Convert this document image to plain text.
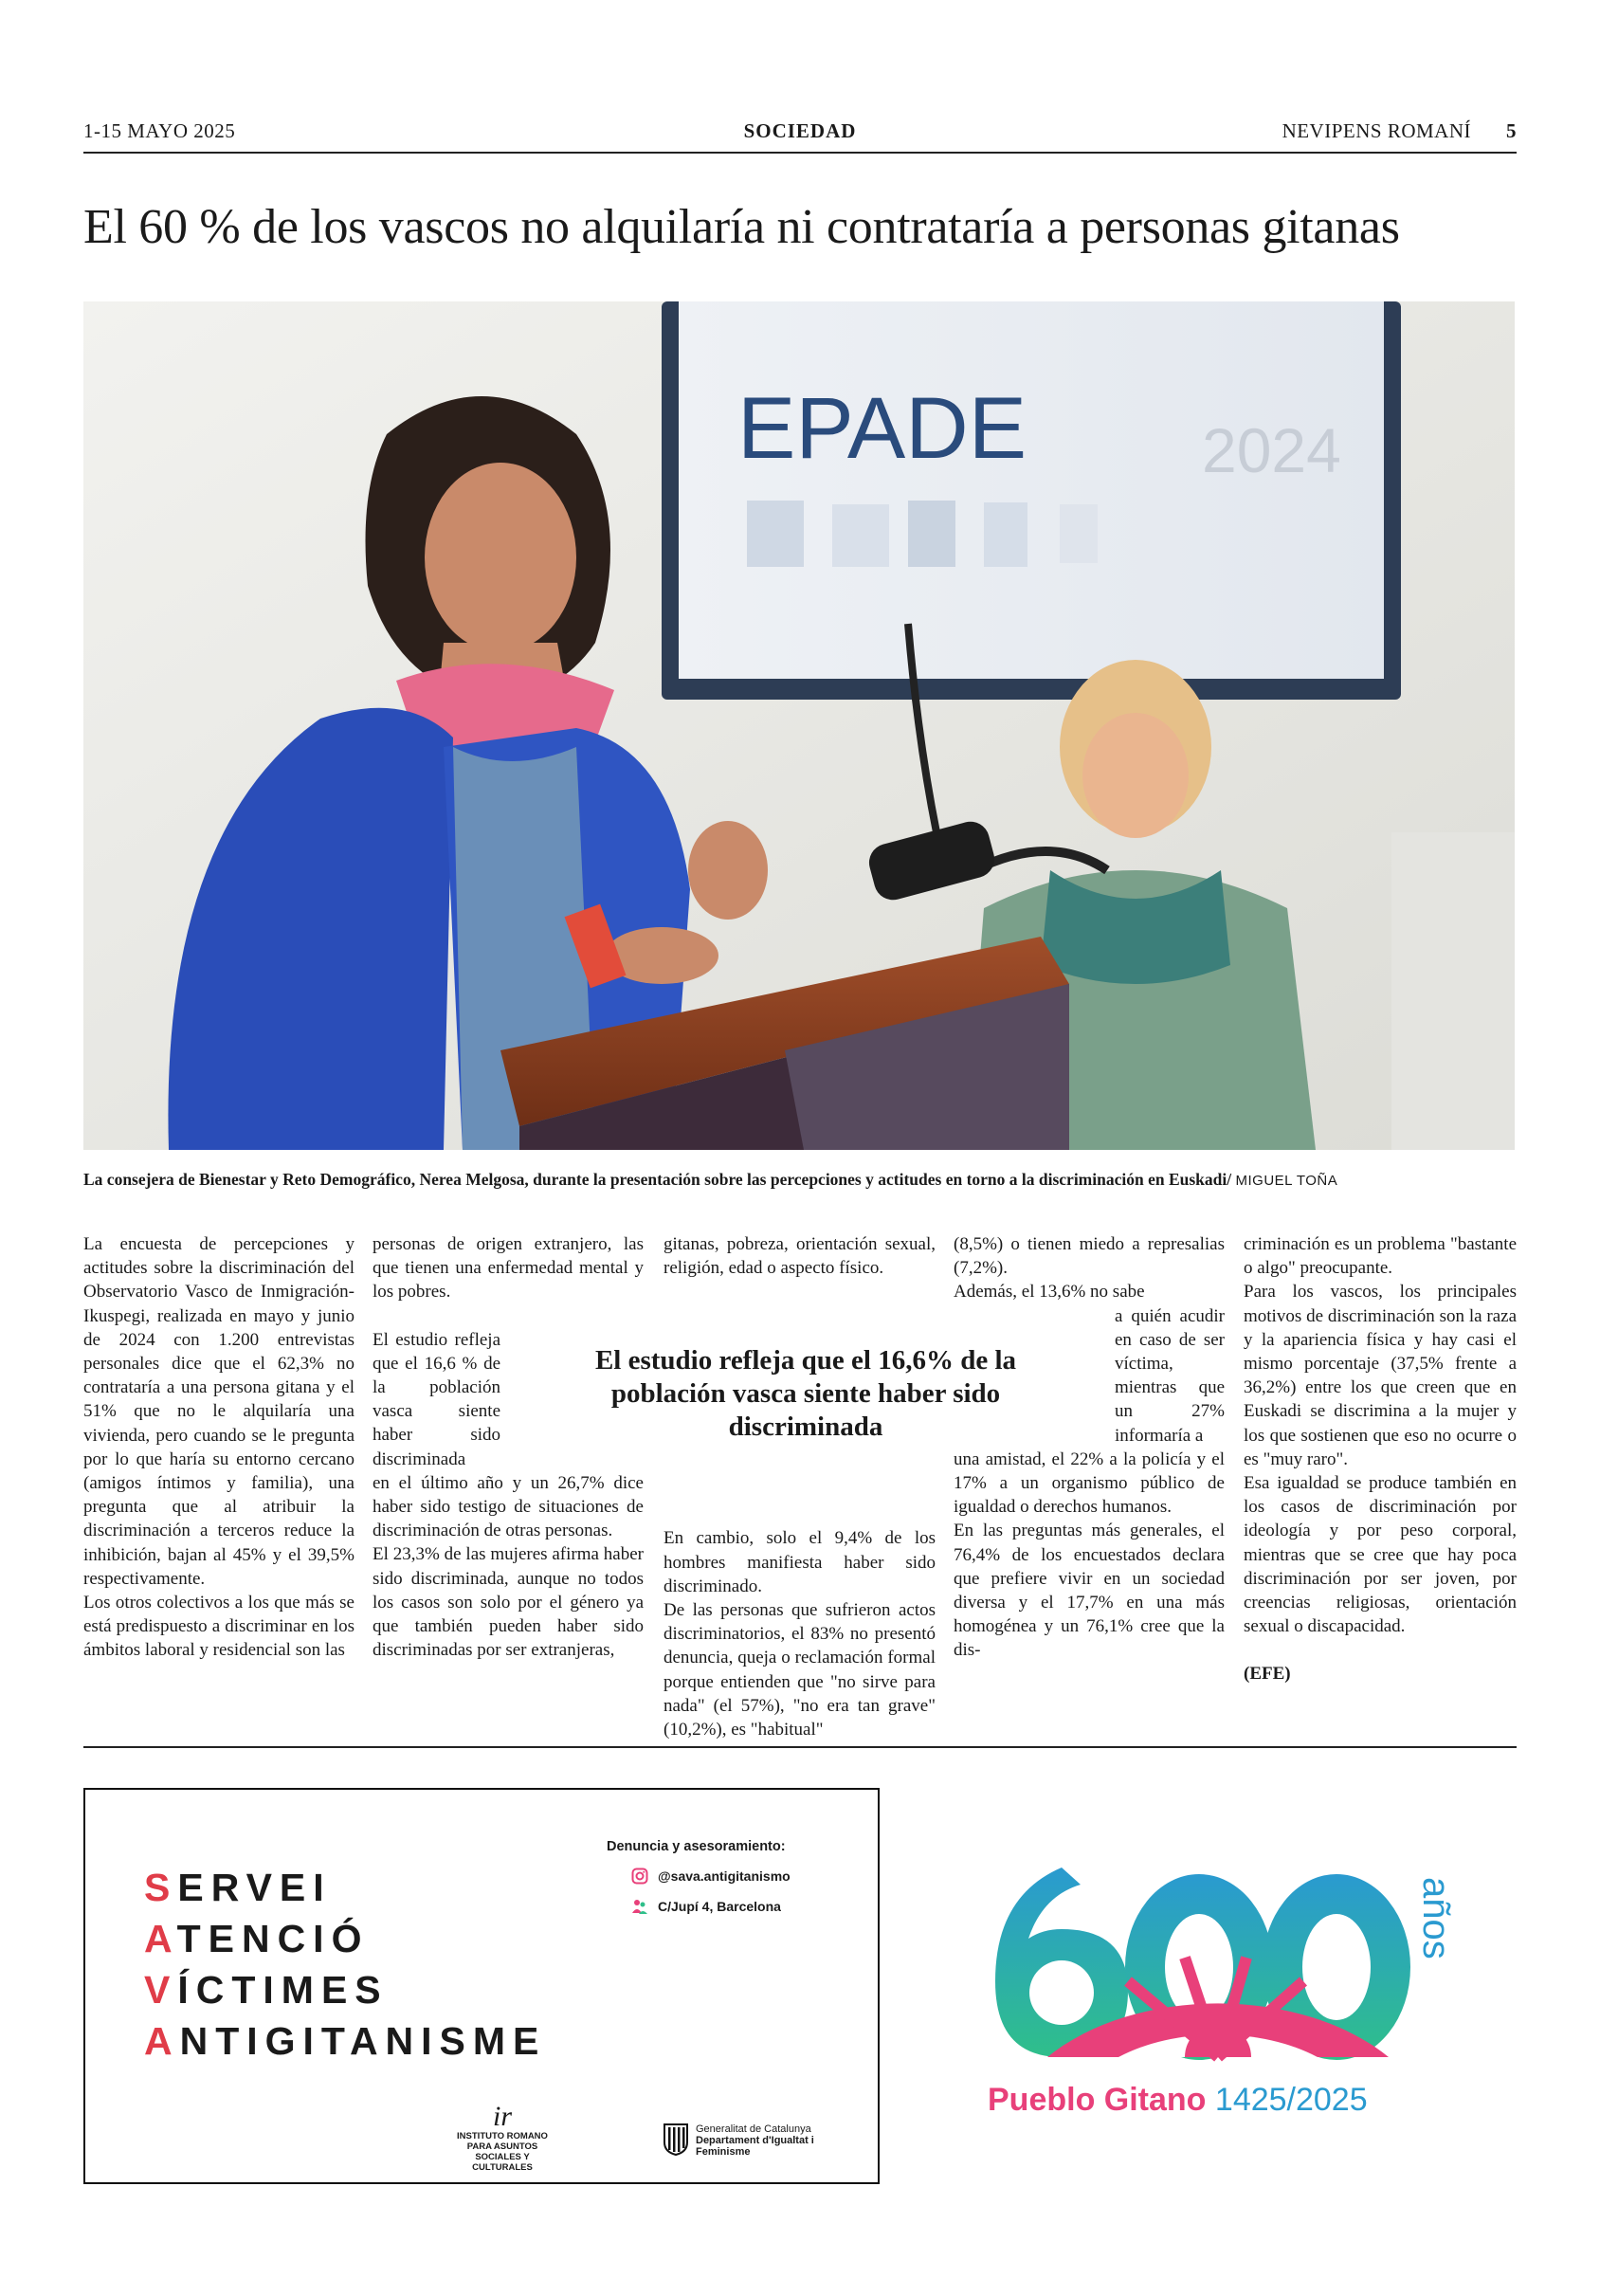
1-15 MAYO 2025	SOCIEDAD	NEVIPENS ROMANÍ 5
El 60 % de los vascos no alquilaría ni contrataría a personas gitanas
EPADE	2024
La consejera de Bienestar y Reto Demográfico, Nerea Melgosa, durante la presentación sobre las percepciones y actitudes en torno a la discriminación en Euskadi/ MIGUEL TOÑA

La encuesta de percepciones y actitudes sobre la discriminación del Observatorio Vasco de Inmigración-Ikuspegi, realizada en mayo y junio de 2024 con 1.200 entrevistas personales dice que el 62,3% no contrataría a una persona gitana y el 51% que no le alquilaría una vivienda, pero cuando se le pregunta por lo que haría su entorno cercano (amigos íntimos y familia), una pregunta que al atribuir la discriminación a terceros reduce la inhibición, bajan al 45% y el 39,5% respectivamente.

Los otros colectivos a los que más se está predispuesto a discriminar en los ámbitos laboral y residencial son las

personas de origen extranjero, las que tienen una enfermedad mental y los pobres.

El estudio refleja que el 16,6 % de la población vasca siente haber sido discriminada

en el último año y un 26,7% dice haber sido testigo de situaciones de discriminación de otras personas.

El 23,3% de las mujeres afirma haber sido discriminada, aunque no todos los casos son solo por el género ya que también pueden haber sido discriminadas por ser extranjeras,

gitanas, pobreza, orientación sexual, religión, edad o aspecto físico.

En cambio, solo el 9,4% de los hombres manifiesta haber sido discriminado.

De las personas que sufrieron actos discriminatorios, el 83% no presentó denuncia, queja o reclamación formal porque entienden que "no sirve para nada" (el 57%), "no era tan grave" (10,2%), es "habitual"

(8,5%) o tienen miedo a represalias (7,2%).

Además, el 13,6% no sabe

a quién acudir en caso de ser víctima, mientras que un 27% informaría a

una amistad, el 22% a la policía y el 17% a un organismo público de igualdad o derechos humanos.

En las preguntas más generales, el 76,4% de los encuestados declara que prefiere vivir en un sociedad diversa y el 17,7% en una más homogénea y un 76,1% cree que la dis-

criminación es un problema "bastante o algo" preocupante.

Para los vascos, los principales motivos de discriminación son la raza y la apariencia física y hay casi el mismo porcentaje (37,5% frente a 36,2%) entre los que creen que en Euskadi se discrimina a la mujer y los que sostienen que eso no ocurre o es "muy raro".

Esa igualdad se produce también en los casos de discriminación por ideología y por peso corporal, mientras que se cree que hay poca discriminación por ser joven, por creencias religiosas, orientación sexual o discapacidad.

(EFE)

El estudio refleja que el 16,6% de la población vasca siente haber sido discriminada
SERVEI
ATENCIÓ
VÍCTIMES
ANTIGITANISME
Denuncia y asesoramiento:
@sava.antigitanismo
C/Jupí 4, Barcelona
ir
INSTITUTO ROMANO PARA ASUNTOS SOCIALES Y CULTURALES
Generalitat de Catalunya
Departament d'Igualtat i Feminisme
años
Pueblo Gitano 1425/2025
